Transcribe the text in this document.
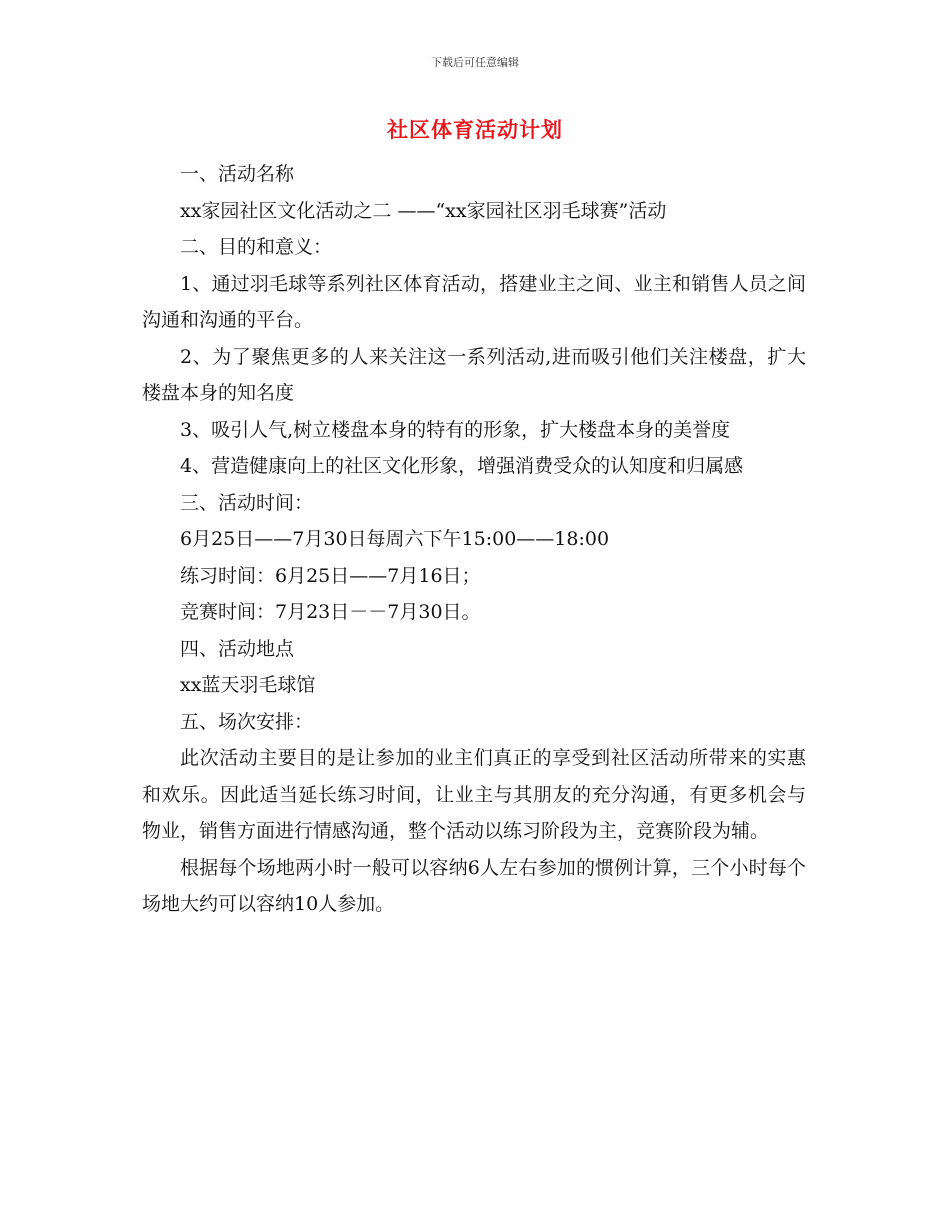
下载后可任意编辑
社区体育活动计划

一、活动名称

xx家园社区文化活动之二 ——“xx家园社区羽毛球赛”活动

二、目的和意义：

1、通过羽毛球等系列社区体育活动，搭建业主之间、业主和销售人员之间沟通和沟通的平台。

2、为了聚焦更多的人来关注这一系列活动,进而吸引他们关注楼盘，扩大楼盘本身的知名度

3、吸引人气,树立楼盘本身的特有的形象，扩大楼盘本身的美誉度

4、营造健康向上的社区文化形象，增强消费受众的认知度和归属感

三、活动时间：

6月25日——7月30日每周六下午15:00——18:00

练习时间：6月25日——7月16日；

竞赛时间：7月23日－－7月30日。

四、活动地点

xx蓝天羽毛球馆

五、场次安排：

此次活动主要目的是让参加的业主们真正的享受到社区活动所带来的实惠和欢乐。因此适当延长练习时间，让业主与其朋友的充分沟通，有更多机会与物业，销售方面进行情感沟通，整个活动以练习阶段为主，竞赛阶段为辅。

根据每个场地两小时一般可以容纳6人左右参加的惯例计算，三个小时每个场地大约可以容纳10人参加。
